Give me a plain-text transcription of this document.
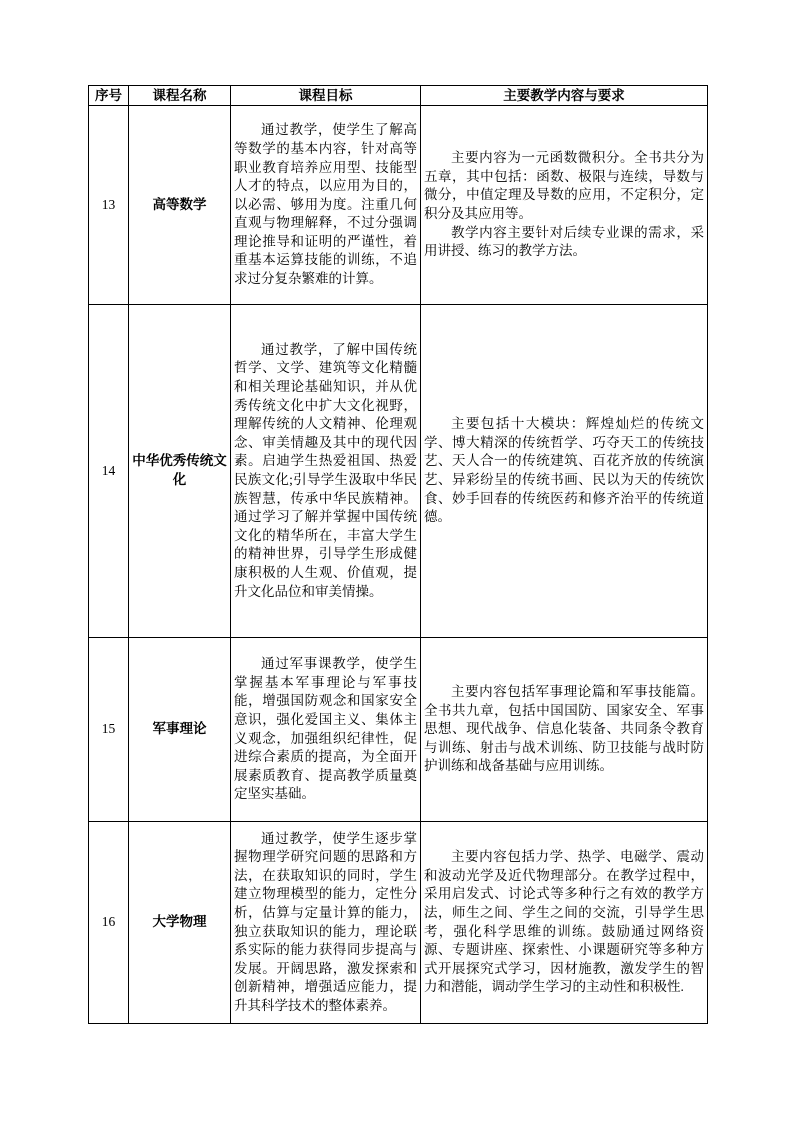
序号	课程名称	课程目标	主要教学内容与要求
13	高等数学	通过教学，使学生了解高等数学的基本内容，针对高等职业教育培养应用型、技能型人才的特点，以应用为目的，以必需、够用为度。注重几何直观与物理解释，不过分强调理论推导和证明的严谨性，着重基本运算技能的训练，不追求过分复杂繁难的计算。	主要内容为一元函数微积分。全书共分为五章，其中包括：函数、极限与连续，导数与微分，中值定理及导数的应用，不定积分，定积分及其应用等。

教学内容主要针对后续专业课的需求，采用讲授、练习的教学方法。

14	中华优秀传统文化	通过教学，了解中国传统哲学、文学、建筑等文化精髓和相关理论基础知识，并从优秀传统文化中扩大文化视野，理解传统的人文精神、伦理观念、审美情趣及其中的现代因素。启迪学生热爱祖国、热爱民族文化;引导学生汲取中华民族智慧，传承中华民族精神。通过学习了解并掌握中国传统文化的精华所在，丰富大学生的精神世界，引导学生形成健康积极的人生观、价值观，提升文化品位和审美情操。	主要包括十大模块：辉煌灿烂的传统文学、博大精深的传统哲学、巧夺天工的传统技艺、天人合一的传统建筑、百花齐放的传统演艺、异彩纷呈的传统书画、民以为天的传统饮食、妙手回春的传统医药和修齐治平的传统道德。

15	军事理论	通过军事课教学，使学生掌握基本军事理论与军事技能，增强国防观念和国家安全意识，强化爱国主义、集体主义观念，加强组织纪律性，促进综合素质的提高，为全面开展素质教育、提高教学质量奠定坚实基础。	主要内容包括军事理论篇和军事技能篇。全书共九章，包括中国国防、国家安全、军事思想、现代战争、信息化装备、共同条令教育与训练、射击与战术训练、防卫技能与战时防护训练和战备基础与应用训练。

16	大学物理	通过教学，使学生逐步掌握物理学研究问题的思路和方法，在获取知识的同时，学生建立物理模型的能力，定性分析，估算与定量计算的能力，独立获取知识的能力，理论联系实际的能力获得同步提高与发展。开阔思路，激发探索和创新精神，增强适应能力，提升其科学技术的整体素养。	主要内容包括力学、热学、电磁学、震动和波动光学及近代物理部分。在教学过程中，采用启发式、讨论式等多种行之有效的教学方法，师生之间、学生之间的交流，引导学生思考，强化科学思维的训练。鼓励通过网络资源、专题讲座、探索性、小课题研究等多种方式开展探究式学习，因材施教，激发学生的智力和潜能，调动学生学习的主动性和积极性.
